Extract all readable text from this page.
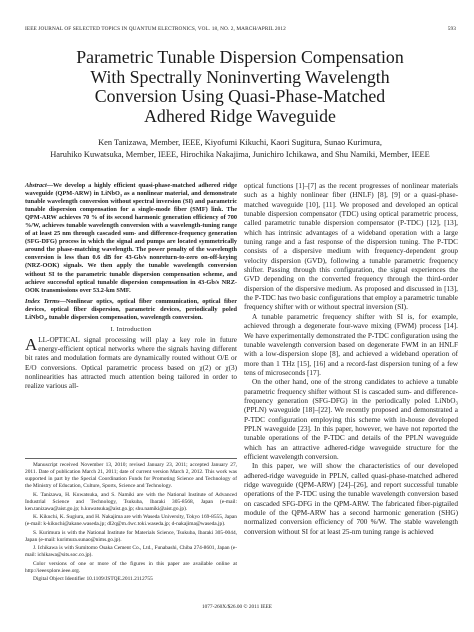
IEEE JOURNAL OF SELECTED TOPICS IN QUANTUM ELECTRONICS, VOL. 18, NO. 2, MARCH/APRIL 2012	593
Parametric Tunable Dispersion Compensation
With Spectrally Noninverting Wavelength
Conversion Using Quasi-Phase-Matched
Adhered Ridge Waveguide
Ken Tanizawa, Member, IEEE, Kiyofumi Kikuchi, Kaori Sugitura, Sunao Kurimura,
Haruhiko Kuwatsuka, Member, IEEE, Hirochika Nakajima, Junichiro Ichikawa, and Shu Namiki, Member, IEEE

Abstract—We develop a highly efficient quasi-phase-matched adhered ridge waveguide (QPM-ARW) in LiNbO₃ as a nonlinear material, and demonstrate tunable wavelength conversion without spectral inversion (SI) and parametric tunable dispersion compensation for a single-mode fiber (SMF) link. The QPM-ARW achieves 70 % of its second harmonic generation efficiency of 700 %/W, achieves tunable wavelength conversion with a wavelength-tuning range of at least 25 nm through cascaded sum- and difference-frequency generation (SFG-DFG) process in which the signal and pumps are located symmetrically around the phase-matching wavelength. The power penalty of the wavelength conversion is less than 0.6 dB for 43-Gb/s nonreturn-to-zero on-off-keying (NRZ-OOK) signals. We then apply the tunable wavelength conversion without SI to the parametric tunable dispersion compensation scheme, and achieve successful optical tunable dispersion compensation in 43-Gb/s NRZ-OOK transmissions over 53.2-km SMF.

Index Terms—Nonlinear optics, optical fiber communication, optical fiber devices, optical fiber dispersion, parametric devices, periodically poled LiNbO₃, tunable dispersion compensation, wavelength conversion.

I. Introduction
ALL-OPTICAL signal processing will play a key role in future energy-efficient optical networks where the signals having different bit rates and modulation formats are dynamically routed without O/E or E/O conversions. Optical parametric process based on χ(2) or χ(3) nonlinearities has attracted much attention being tailored in order to realize various all-

Manuscript received November 13, 2010; revised January 23, 2011; accepted January 27, 2011. Date of publication March 21, 2011; date of current version March 2, 2012. This work was supported in part by the Special Coordination Funds for Promoting Science and Technology of the Ministry of Education, Culture, Sports, Science and Technology.

K. Tanizawa, H. Kuwatsuka, and S. Namiki are with the National Institute of Advanced Industrial Science and Technology, Tsukuba, Ibaraki 305-8568, Japan (e-mail: ken.tanizawa@aist.go.jp; h.kuwatsuka@aist.go.jp; shu.namiki@aist.go.jp).

K. Kikuchi, K. Sugiura, and H. Nakajima are with Waseda University, Tokyo 169-8555, Japan (e-mail: k-kikuchi@akane.waseda.jp; dl2q@m.4wc.toki.waseda.jp; d-nakajima@waseda.jp).

S. Kurimura is with the National Institute for Materials Science, Tsukuba, Ibaraki 305-0044, Japan (e-mail: kurimura.sunao@nims.go.jp).

J. Ichikawa is with Sumitomo Osaka Cement Co., Ltd., Funabashi, Chiba 274-8601, Japan (e-mail: ichikawa@sits.soc.co.jp).

Color versions of one or more of the figures in this paper are available online at http://ieeexplore.ieee.org.

Digital Object Identifier 10.1109/JSTQE.2011.2112755

optical functions [1]–[7] as the recent progresses of nonlinear materials such as a highly nonlinear fiber (HNLF) [8], [9] or a quasi-phase-matched waveguide [10], [11]. We proposed and developed an optical tunable dispersion compensator (TDC) using optical parametric process, called parametric tunable dispersion compensator (P-TDC) [12], [13], which has intrinsic advantages of a wideband operation with a large tuning range and a fast response of the dispersion tuning. The P-TDC consists of a dispersive medium with frequency-dependent group velocity dispersion (GVD), following a tunable parametric frequency shifter. Passing through this configuration, the signal experiences the GVD depending on the converted frequency through the third-order dispersion of the dispersive medium. As proposed and discussed in [13], the P-TDC has two basic configurations that employ a parametric tunable frequency shifter with or without spectral inversion (SI).

A tunable parametric frequency shifter with SI is, for example, achieved through a degenerate four-wave mixing (FWM) process [14]. We have experimentally demonstrated the P-TDC configuration using the tunable wavelength conversion based on degenerate FWM in an HNLF with a low-dispersion slope [8], and achieved a wideband operation of more than 1 THz [15], [16] and a record-fast dispersion tuning of a few tens of microseconds [17].

On the other hand, one of the strong candidates to achieve a tunable parametric frequency shifter without SI is cascaded sum- and difference-frequency generation (SFG-DFG) in the periodically poled LiNbO₃ (PPLN) waveguide [18]–[22]. We recently proposed and demonstrated a P-TDC configuration employing this scheme with in-house developed PPLN waveguide [23]. In this paper, however, we have not reported the tunable operations of the P-TDC and details of the PPLN waveguide which has an attractive adhered-ridge waveguide structure for the efficient wavelength conversion.

In this paper, we will show the characteristics of our developed adhered-ridge waveguide in PPLN, called quasi-phase-matched adhered ridge waveguide (QPM-ARW) [24]–[26], and report successful tunable operations of the P-TDC using the tunable wavelength conversion based on cascaded SFG-DFG in the QPM-ARW. The fabricated fiber-pigtailed module of the QPM-ARW has a second harmonic generation (SHG) normalized conversion efficiency of 700 %/W. The stable wavelength conversion without SI for at least 25-nm tuning range is achieved

1077-260X/$26.00 © 2011 IEEE
